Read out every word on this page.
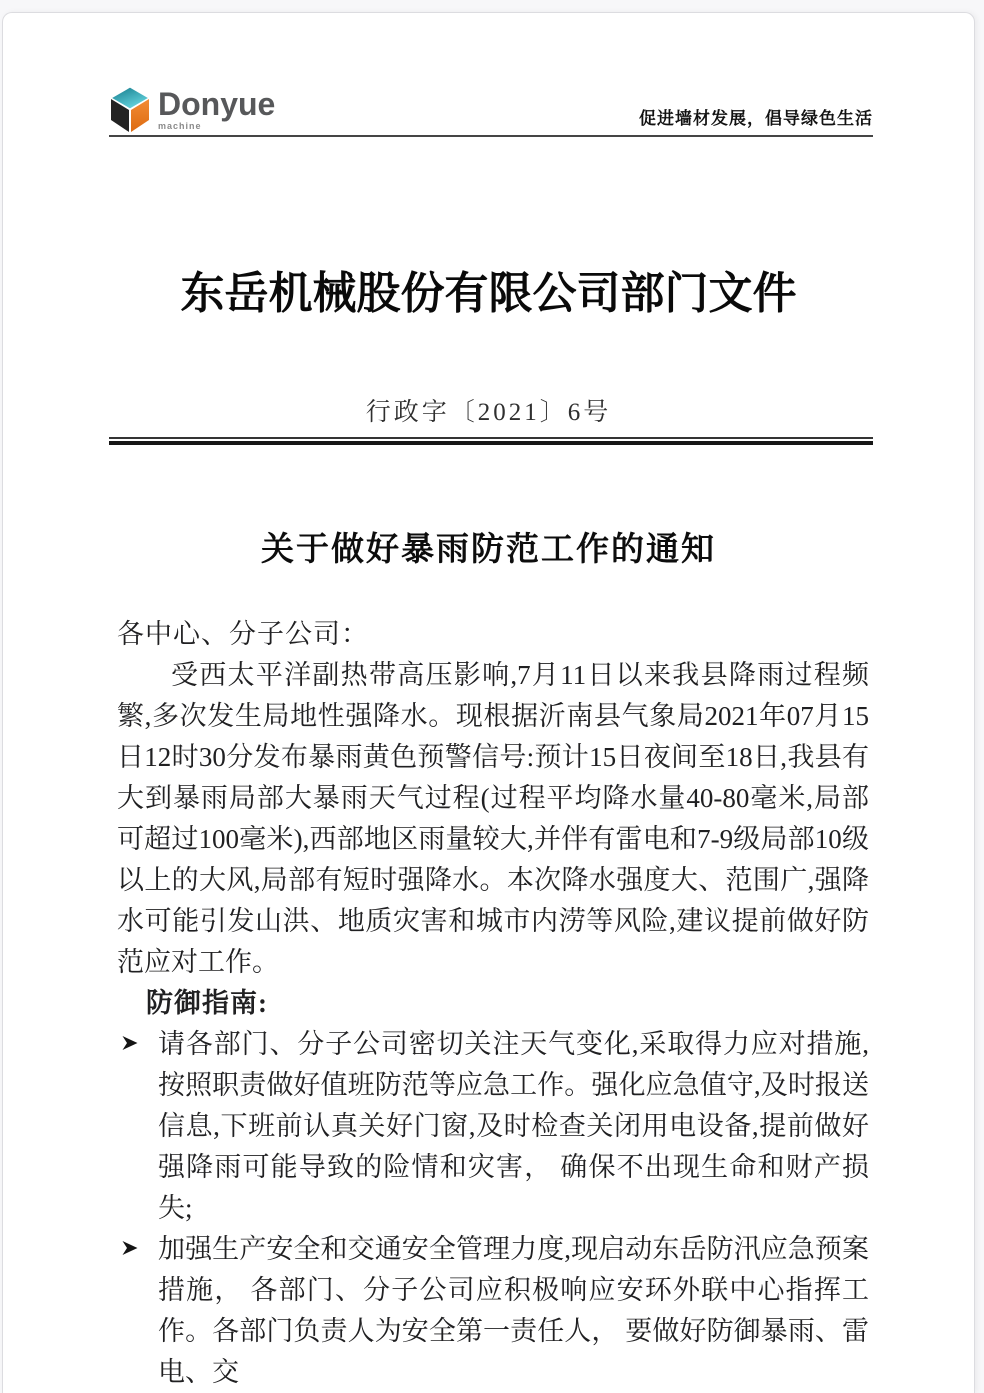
Donyue
machine	促进墙材发展，倡导绿色生活
东岳机械股份有限公司部门文件
行政字〔2021〕6号
关于做好暴雨防范工作的通知
各中心、分子公司：
受西太平洋副热带高压影响,7月11日以来我县降雨过程频繁,多次发生局地性强降水。现根据沂南县气象局2021年07月15日12时30分发布暴雨黄色预警信号:预计15日夜间至18日,我县有大到暴雨局部大暴雨天气过程(过程平均降水量40-80毫米,局部可超过100毫米),西部地区雨量较大,并伴有雷电和7-9级局部10级以上的大风,局部有短时强降水。本次降水强度大、范围广,强降水可能引发山洪、地质灾害和城市内涝等风险,建议提前做好防范应对工作。
防御指南:
请各部门、分子公司密切关注天气变化,采取得力应对措施,按照职责做好值班防范等应急工作。强化应急值守,及时报送信息,下班前认真关好门窗,及时检查关闭用电设备,提前做好强降雨可能导致的险情和灾害， 确保不出现生命和财产损失;
加强生产安全和交通安全管理力度,现启动东岳防汛应急预案措施， 各部门、分子公司应积极响应安环外联中心指挥工作。各部门负责人为安全第一责任人， 要做好防御暴雨、雷电、交
